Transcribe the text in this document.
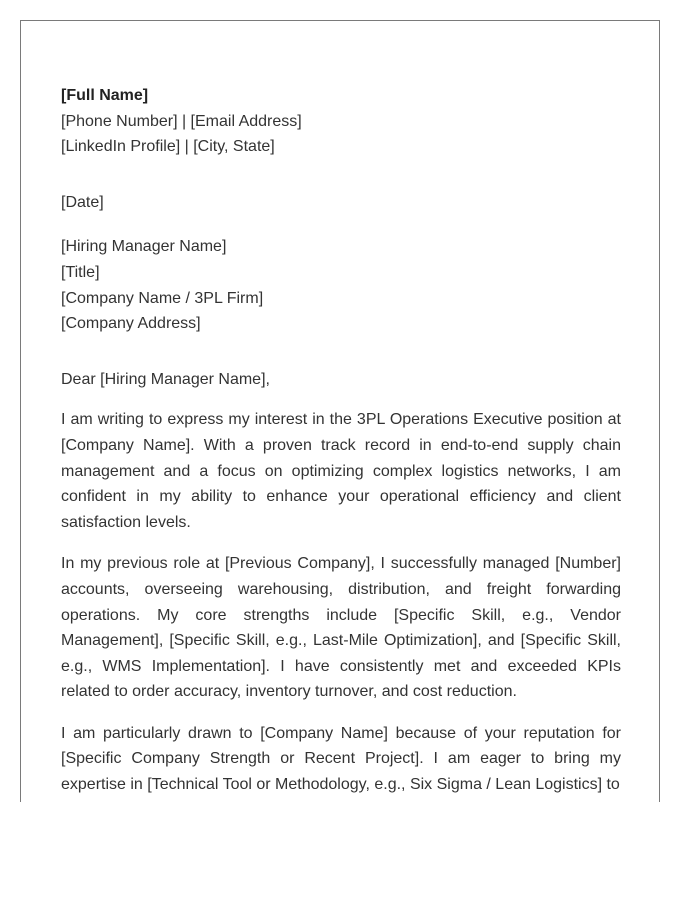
[Full Name]
[Phone Number] | [Email Address]
[LinkedIn Profile] | [City, State]
[Date]
[Hiring Manager Name]
[Title]
[Company Name / 3PL Firm]
[Company Address]
Dear [Hiring Manager Name],

I am writing to express my interest in the 3PL Operations Executive position at [Company Name]. With a proven track record in end-to-end supply chain management and a focus on optimizing complex logistics networks, I am confident in my ability to enhance your operational efficiency and client satisfaction levels.

In my previous role at [Previous Company], I successfully managed [Number] accounts, overseeing warehousing, distribution, and freight forwarding operations. My core strengths include [Specific Skill, e.g., Vendor Management], [Specific Skill, e.g., Last-Mile Optimization], and [Specific Skill, e.g., WMS Implementation]. I have consistently met and exceeded KPIs related to order accuracy, inventory turnover, and cost reduction.

I am particularly drawn to [Company Name] because of your reputation for [Specific Company Strength or Recent Project]. I am eager to bring my expertise in [Technical Tool or Methodology, e.g., Six Sigma / Lean Logistics] to
